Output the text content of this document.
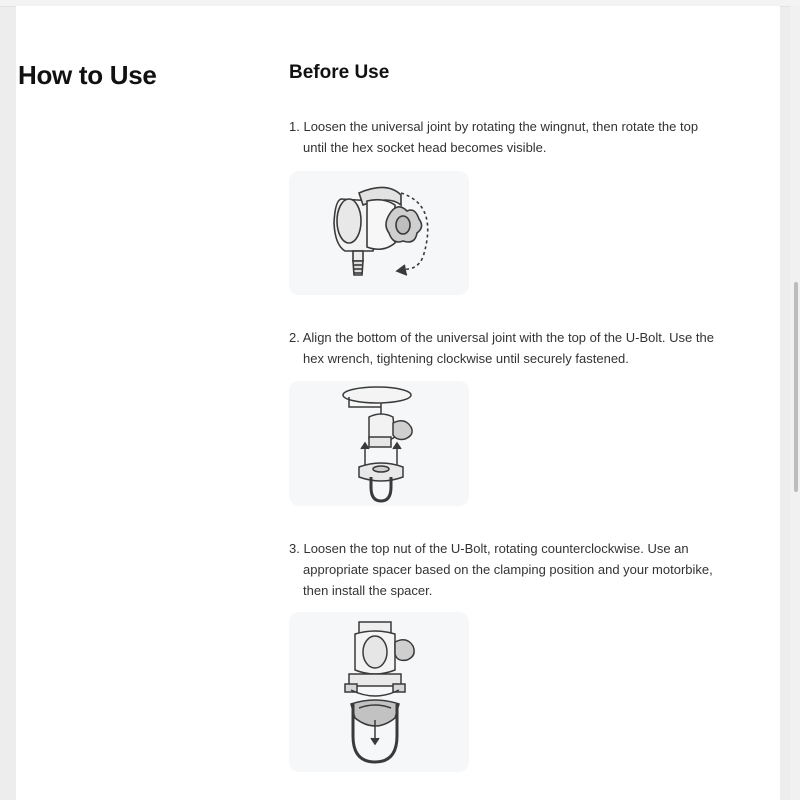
How to Use	Before Use
1. Loosen the universal joint by rotating the wingnut, then rotate the top until the hex socket head becomes visible.
2. Align the bottom of the universal joint with the top of the U-Bolt. Use the hex wrench, tightening clockwise until securely fastened.
3. Loosen the top nut of the U-Bolt, rotating counterclockwise. Use an appropriate spacer based on the clamping position and your motorbike, then install the spacer.
